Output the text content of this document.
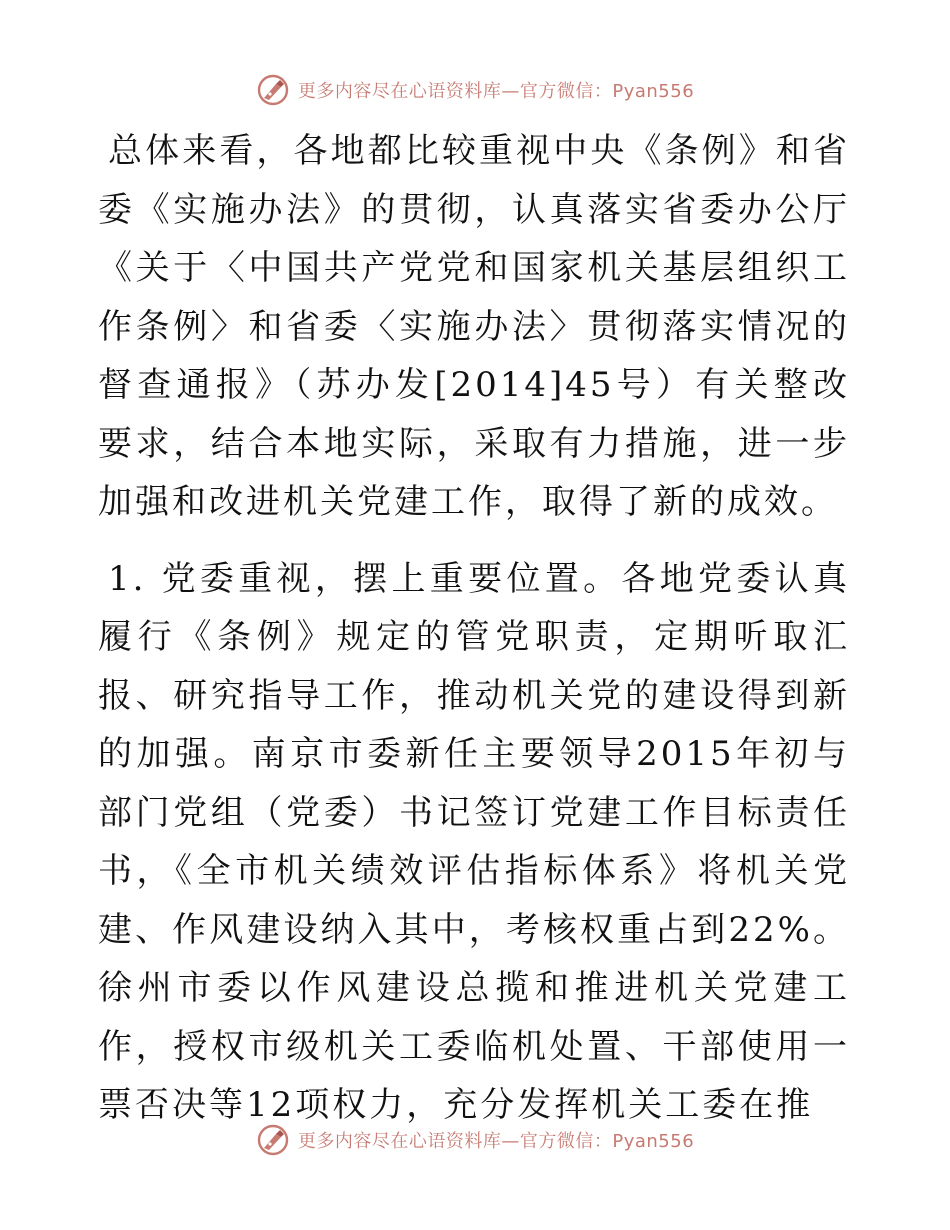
更多内容尽在心语资料库—官方微信：Pyan556

总体来看，各地都比较重视中央《条例》和省委《实施办法》的贯彻，认真落实省委办公厅《关于〈中国共产党党和国家机关基层组织工作条例〉和省委〈实施办法〉贯彻落实情况的督查通报》（苏办发[2014]45号）有关整改要求，结合本地实际，采取有力措施，进一步加强和改进机关党建工作，取得了新的成效。

1. 党委重视，摆上重要位置。各地党委认真履行《条例》规定的管党职责，定期听取汇报、研究指导工作，推动机关党的建设得到新的加强。南京市委新任主要领导2015年初与部门党组（党委）书记签订党建工作目标责任书，《全市机关绩效评估指标体系》将机关党建、作风建设纳入其中，考核权重占到22%。徐州市委以作风建设总揽和推进机关党建工作，授权市级机关工委临机处置、干部使用一票否决等12项权力，充分发挥机关工委在推

更多内容尽在心语资料库—官方微信：Pyan556
